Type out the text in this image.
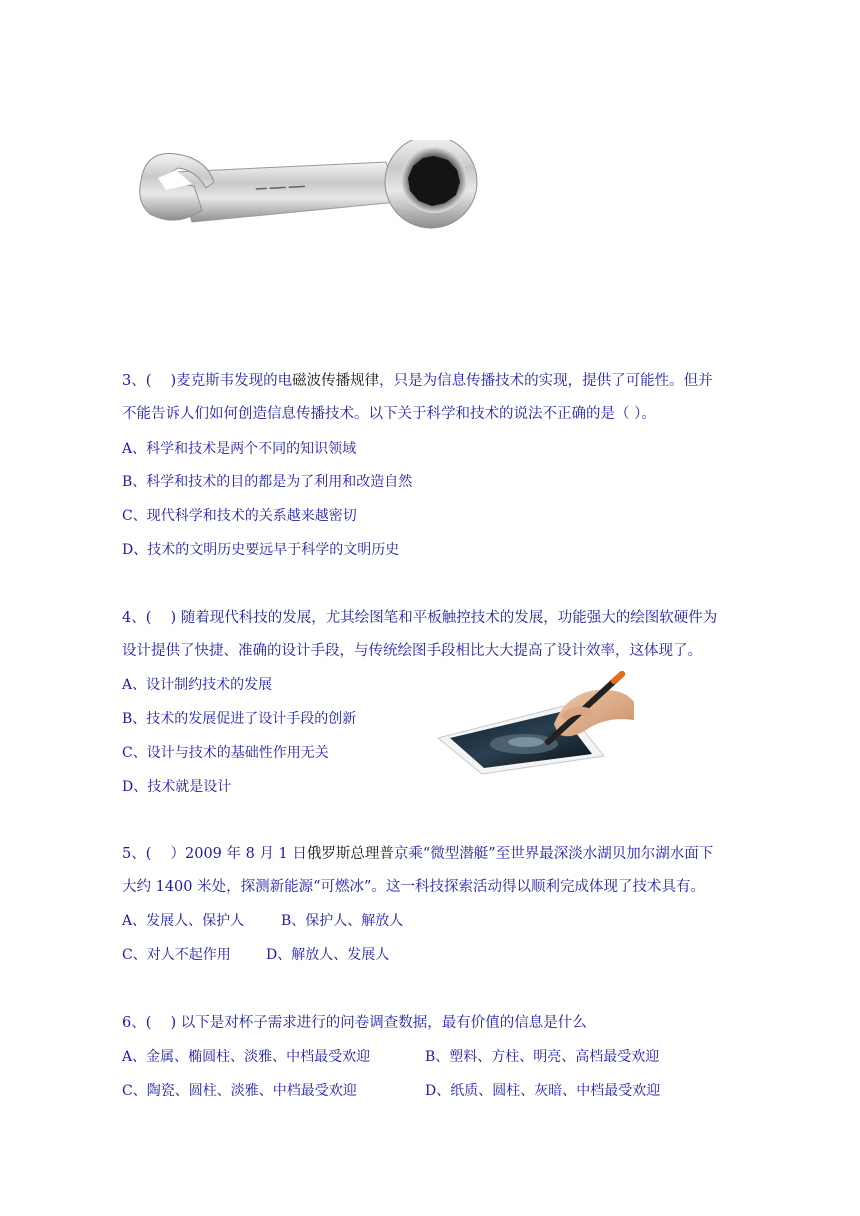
━━ ━━━ ━━━
3、(　 )麦克斯韦发现的电磁波传播规律，只是为信息传播技术的实现，提供了可能性。但并
不能告诉人们如何创造信息传播技术。以下关于科学和技术的说法不正确的是（ ）。
A、科学和技术是两个不同的知识领域
B、科学和技术的目的都是为了利用和改造自然
C、现代科学和技术的关系越来越密切
D、技术的文明历史要远早于科学的文明历史
4、(　 ) 随着现代科技的发展，尤其绘图笔和平板触控技术的发展，功能强大的绘图软硬件为
设计提供了快捷、准确的设计手段，与传统绘图手段相比大大提高了设计效率，这体现了。
A、设计制约技术的发展
B、技术的发展促进了设计手段的创新
C、设计与技术的基础性作用无关
D、技术就是设计
5、(　 ）2009 年 8 月 1 日俄罗斯总理普京乘“微型潜艇”至世界最深淡水湖贝加尔湖水面下
大约 1400 米处，探测新能源“可燃冰”。这一科技探索活动得以顺利完成体现了技术具有。
A、发展人、保护人	B、保护人、解放人
C、对人不起作用	D、解放人、发展人
6、(　 ) 以下是对杯子需求进行的问卷调查数据，最有价值的信息是什么
A、金属、椭圆柱、淡雅、中档最受欢迎	B、塑料、方柱、明亮、高档最受欢迎
C、陶瓷、圆柱、淡雅、中档最受欢迎	D、纸质、圆柱、灰暗、中档最受欢迎
